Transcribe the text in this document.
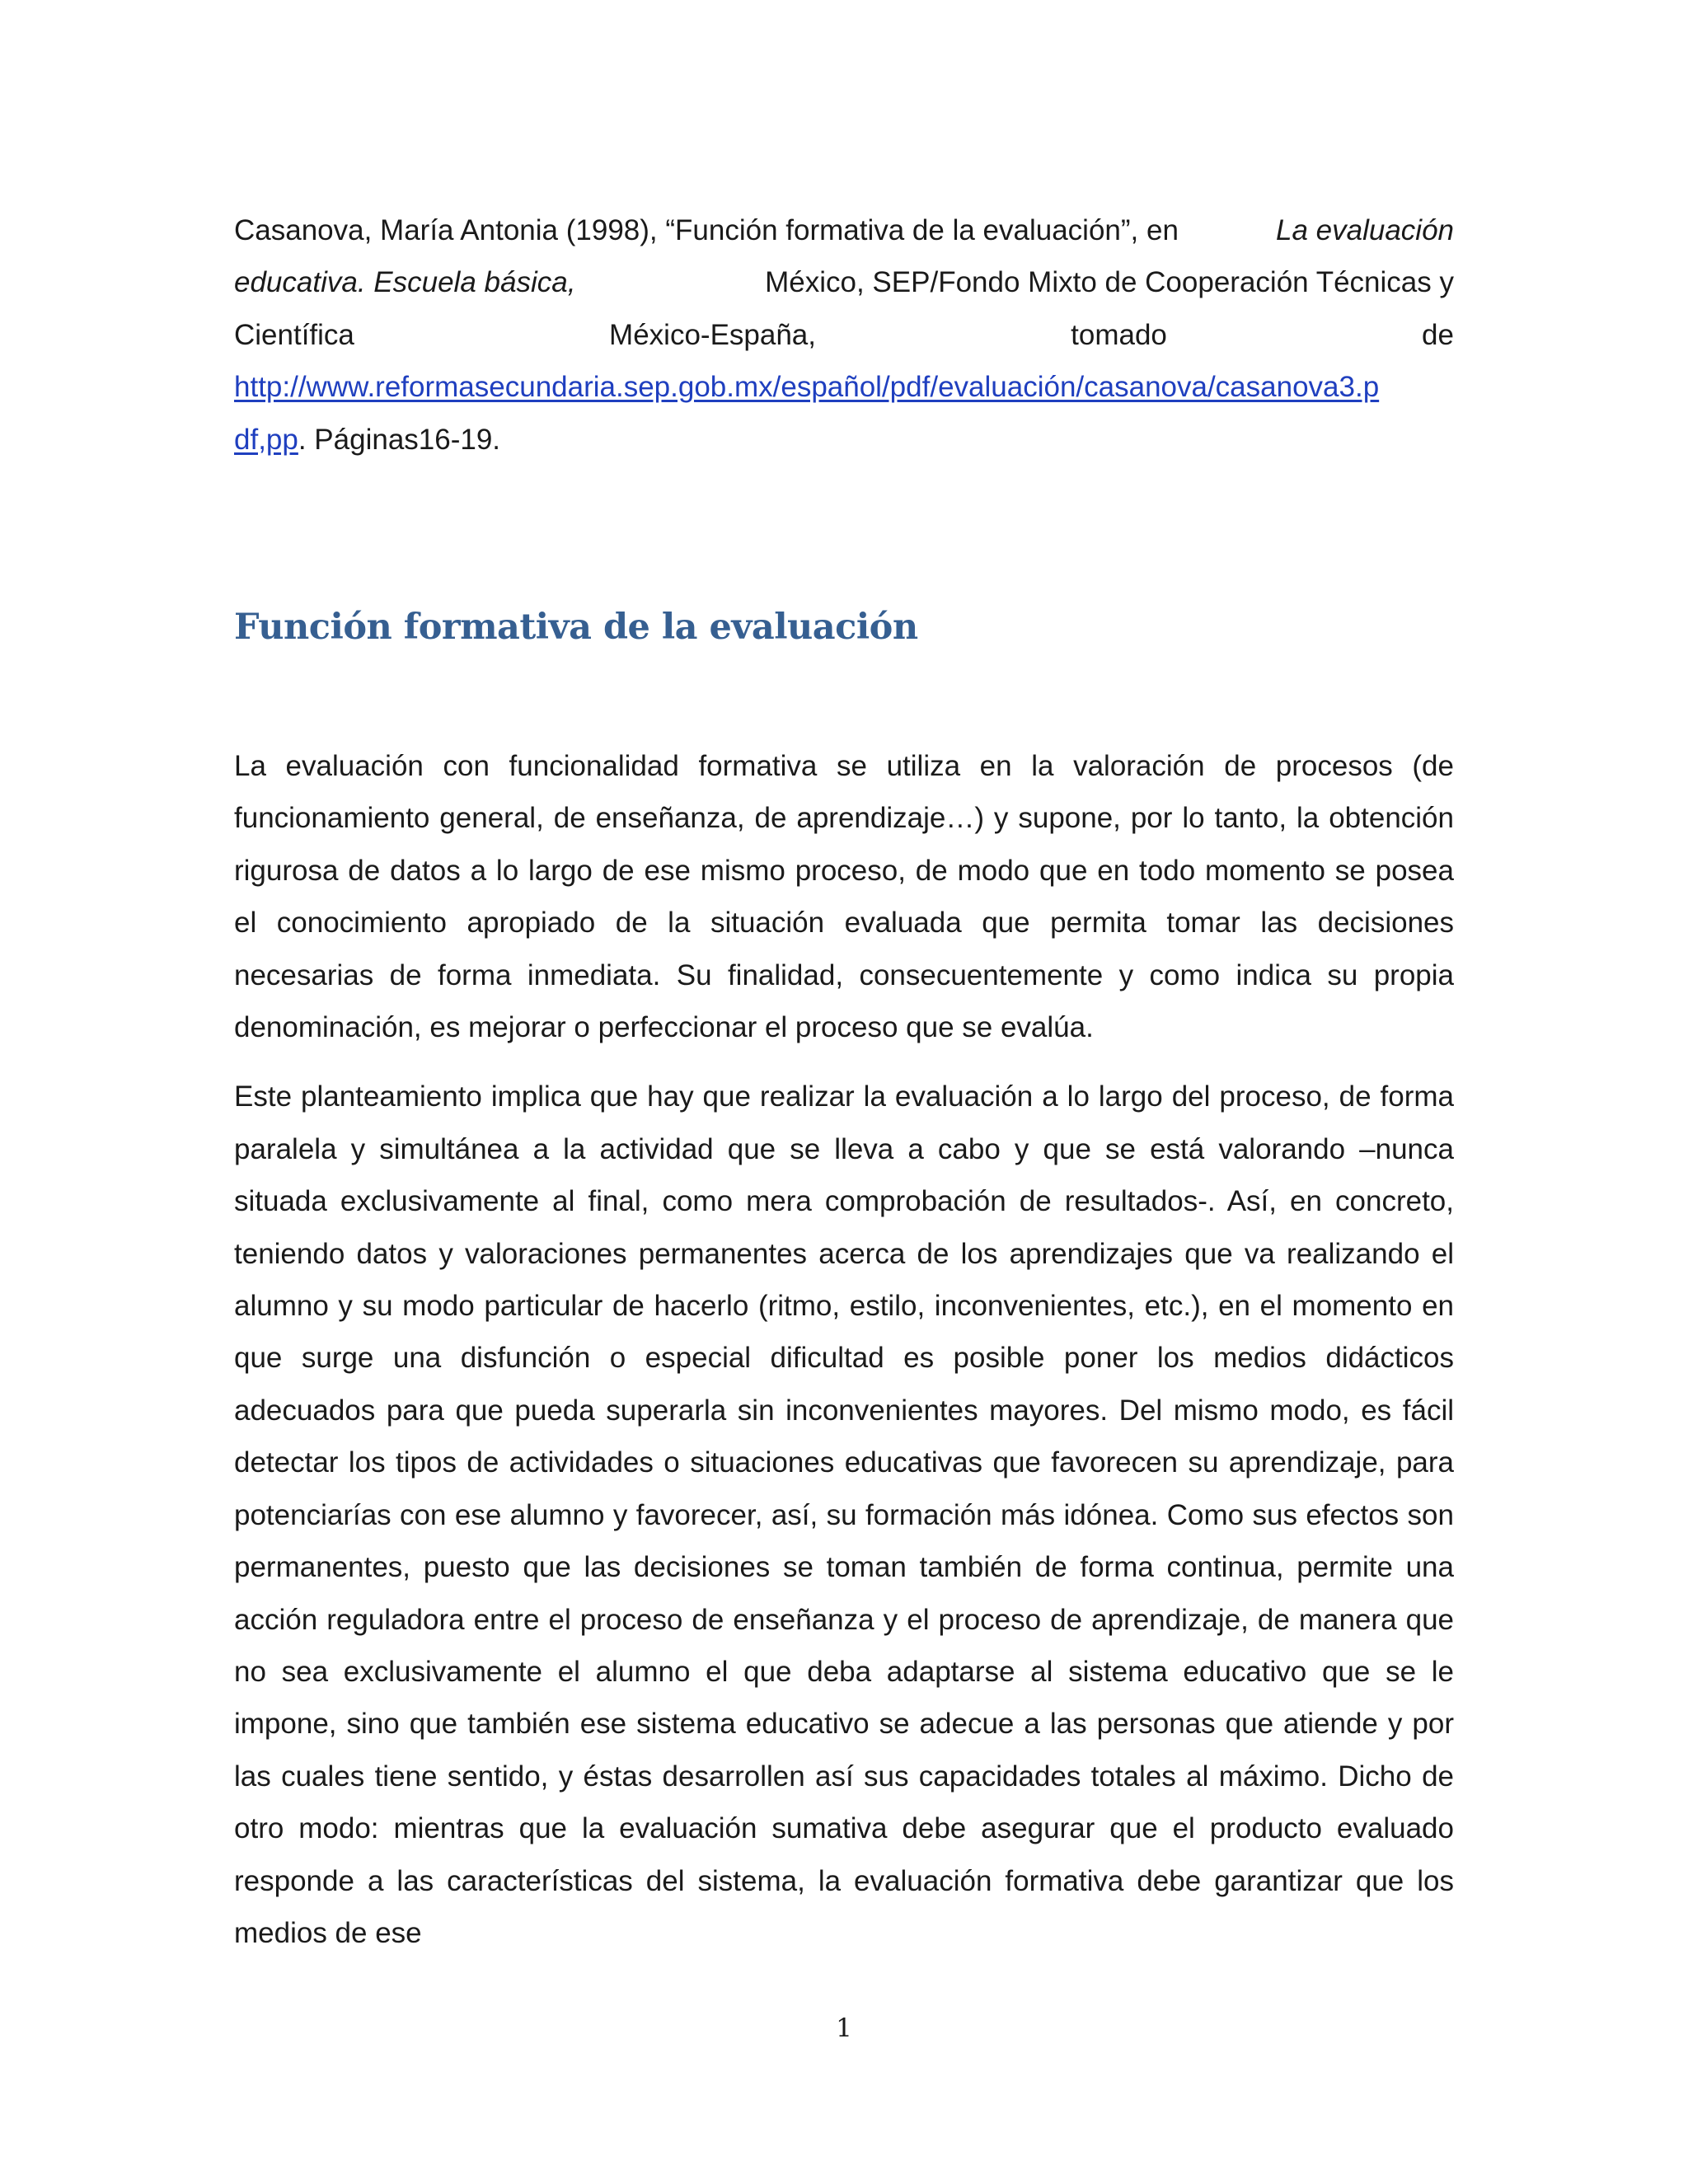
Casanova, María Antonia (1998), “Función formativa de la evaluación”, en	La evaluación
educativa. Escuela básica,	México, SEP/Fondo Mixto de Cooperación Técnicas y
Científica	México-España,	tomado	de
http://www.reformasecundaria.sep.gob.mx/español/pdf/evaluación/casanova/casanova3.p
df,pp. Páginas16-19.
Función formativa de la evaluación

La evaluación con funcionalidad formativa se utiliza en la valoración de procesos (de funcionamiento general, de enseñanza, de aprendizaje…) y supone, por lo tanto, la obtención rigurosa de datos a lo largo de ese mismo proceso, de modo que en todo momento se posea el conocimiento apropiado de la situación evaluada que permita tomar las decisiones necesarias de forma inmediata. Su finalidad, consecuentemente y como indica su propia denominación, es mejorar o perfeccionar el proceso que se evalúa.

Este planteamiento implica que hay que realizar la evaluación a lo largo del proceso, de forma paralela y simultánea a la actividad que se lleva a cabo y que se está valorando –nunca situada exclusivamente al final, como mera comprobación de resultados-. Así, en concreto, teniendo datos y valoraciones permanentes acerca de los aprendizajes que va realizando el alumno y su modo particular de hacerlo (ritmo, estilo, inconvenientes, etc.), en el momento en que surge una disfunción o especial dificultad es posible poner los medios didácticos adecuados para que pueda superarla sin inconvenientes mayores. Del mismo modo, es fácil detectar los tipos de actividades o situaciones educativas que favorecen su aprendizaje, para potenciarías con ese alumno y favorecer, así, su formación más idónea. Como sus efectos son permanentes, puesto que las decisiones se toman también de forma continua, permite una acción reguladora entre el proceso de enseñanza y el proceso de aprendizaje, de manera que no sea exclusivamente el alumno el que deba adaptarse al sistema educativo que se le impone, sino que también ese sistema educativo se adecue a las personas que atiende y por las cuales tiene sentido, y éstas desarrollen así sus capacidades totales al máximo. Dicho de otro modo: mientras que la evaluación sumativa debe asegurar que el producto evaluado responde a las características del sistema, la evaluación formativa debe garantizar que los medios de ese

1
